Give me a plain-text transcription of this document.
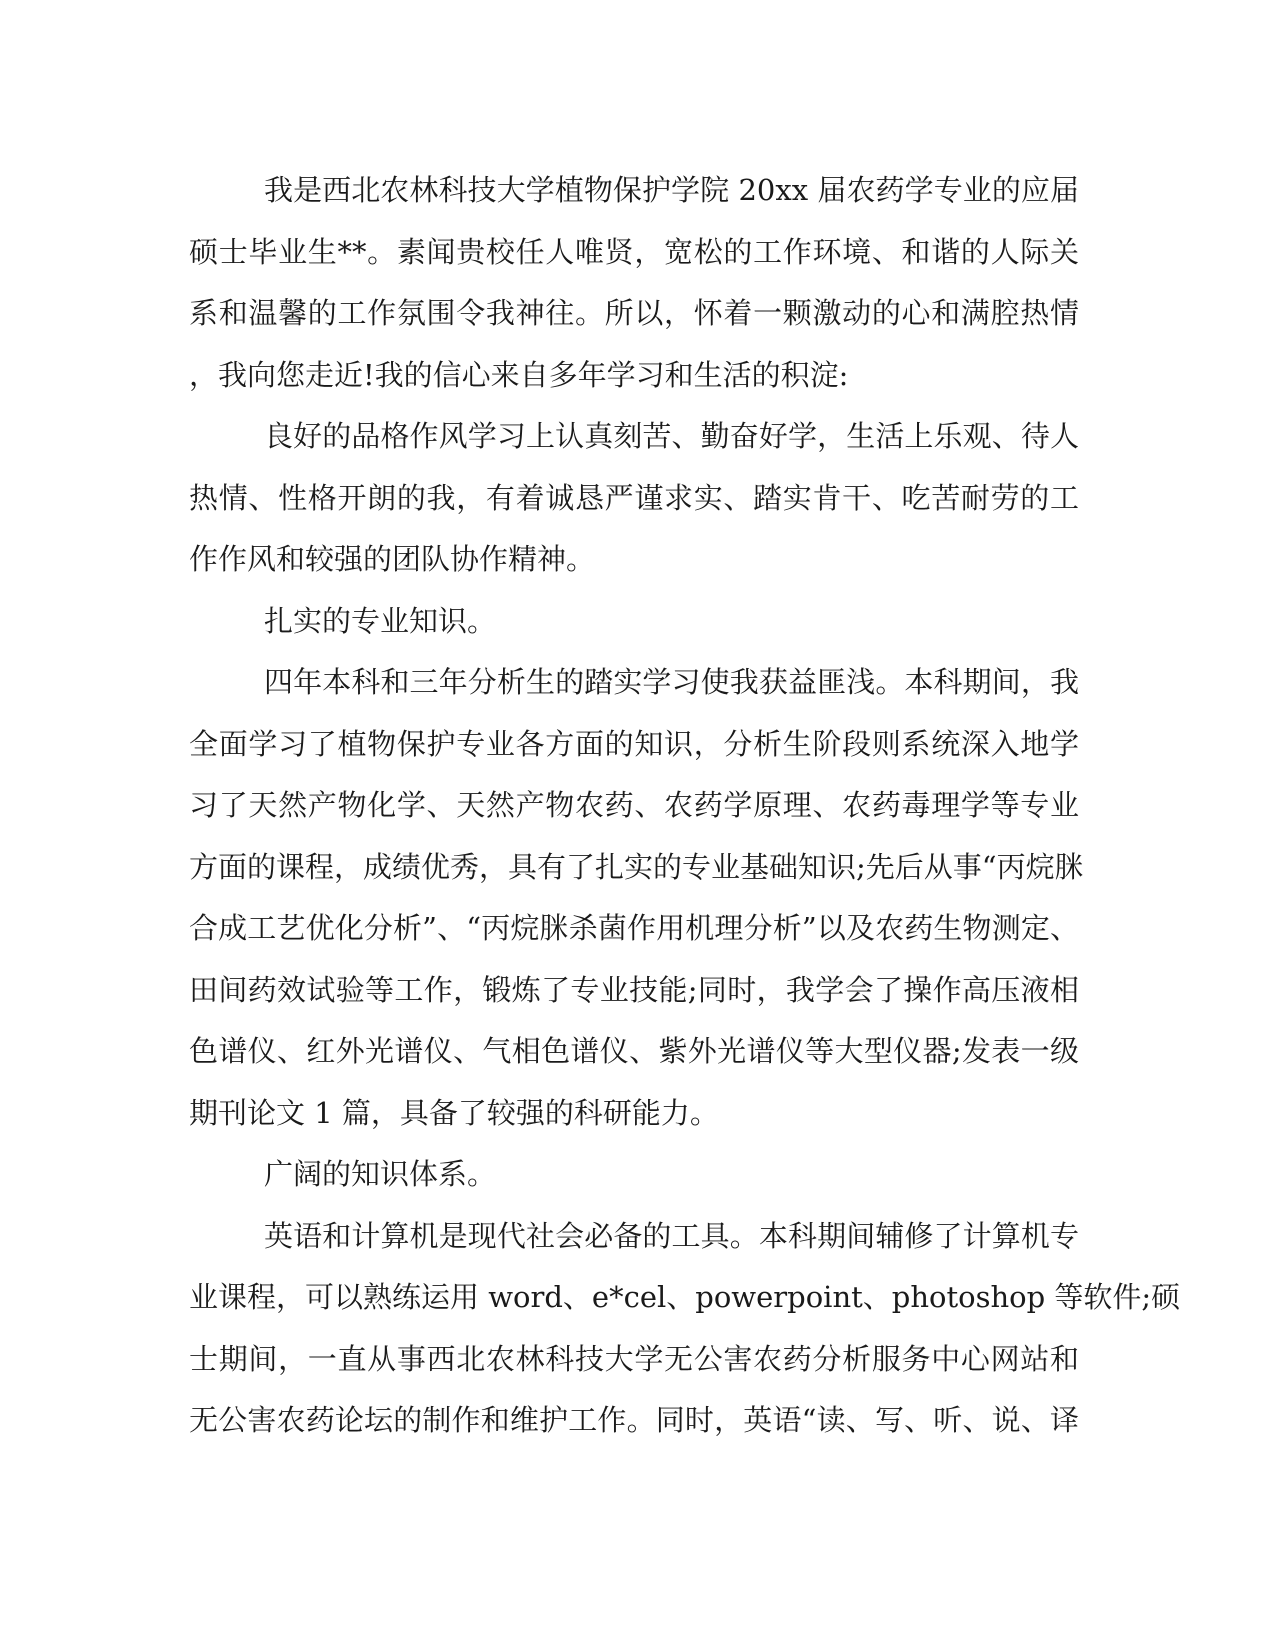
我是西北农林科技大学植物保护学院 20xx 届农药学专业的应届
硕士毕业生**。素闻贵校任人唯贤，宽松的工作环境、和谐的人际关
系和温馨的工作氛围令我神往。所以，怀着一颗激动的心和满腔热情
，我向您走近!我的信心来自多年学习和生活的积淀:
良好的品格作风学习上认真刻苦、勤奋好学，生活上乐观、待人
热情、性格开朗的我，有着诚恳严谨求实、踏实肯干、吃苦耐劳的工
作作风和较强的团队协作精神。
扎实的专业知识。
四年本科和三年分析生的踏实学习使我获益匪浅。本科期间，我
全面学习了植物保护专业各方面的知识，分析生阶段则系统深入地学
习了天然产物化学、天然产物农药、农药学原理、农药毒理学等专业
方面的课程，成绩优秀，具有了扎实的专业基础知识;先后从事“丙烷脒
合成工艺优化分析”、“丙烷脒杀菌作用机理分析”以及农药生物测定、
田间药效试验等工作，锻炼了专业技能;同时，我学会了操作高压液相
色谱仪、红外光谱仪、气相色谱仪、紫外光谱仪等大型仪器;发表一级
期刊论文 1 篇，具备了较强的科研能力。
广阔的知识体系。
英语和计算机是现代社会必备的工具。本科期间辅修了计算机专
业课程，可以熟练运用 word、e*cel、powerpoint、photoshop 等软件;硕
士期间，一直从事西北农林科技大学无公害农药分析服务中心网站和
无公害农药论坛的制作和维护工作。同时，英语“读、写、听、说、译
